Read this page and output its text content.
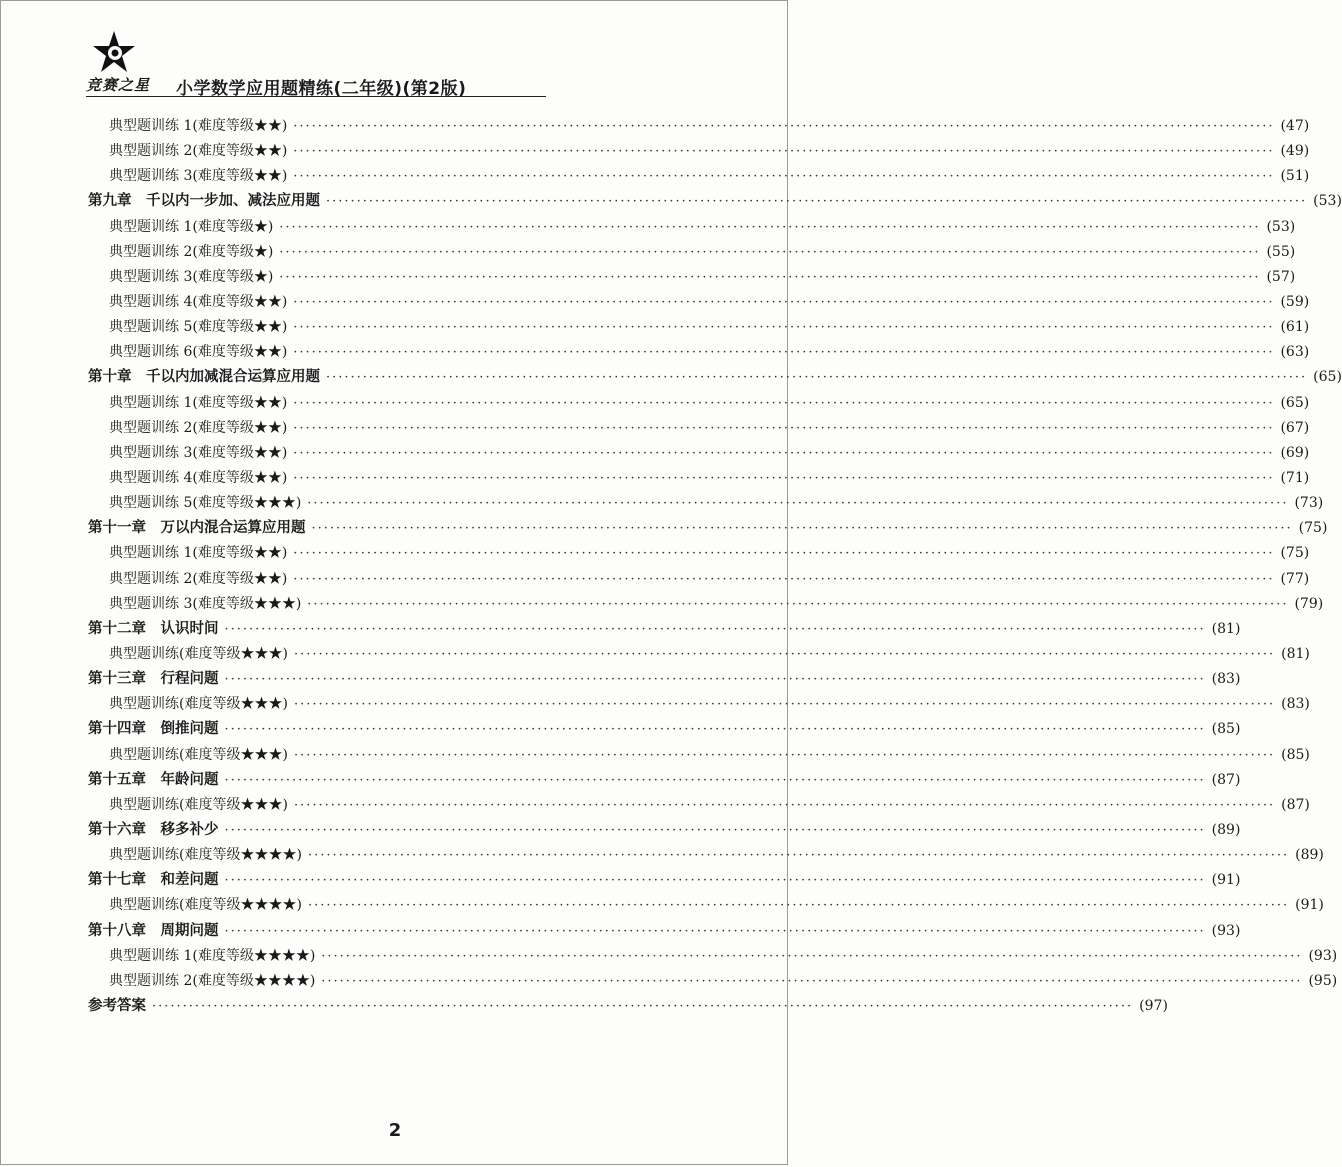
竞赛之星 小学数学应用题精练(二年级)(第2版)
典型题训练 1(难度等级★★) ································································································································································ (47)
典型题训练 2(难度等级★★) ································································································································································ (49)
典型题训练 3(难度等级★★) ································································································································································ (51)
第九章　千以内一步加、减法应用题 ································································································································································ (53)
典型题训练 1(难度等级★) ································································································································································ (53)
典型题训练 2(难度等级★) ································································································································································ (55)
典型题训练 3(难度等级★) ································································································································································ (57)
典型题训练 4(难度等级★★) ································································································································································ (59)
典型题训练 5(难度等级★★) ································································································································································ (61)
典型题训练 6(难度等级★★) ································································································································································ (63)
第十章　千以内加减混合运算应用题 ································································································································································ (65)
典型题训练 1(难度等级★★) ································································································································································ (65)
典型题训练 2(难度等级★★) ································································································································································ (67)
典型题训练 3(难度等级★★) ································································································································································ (69)
典型题训练 4(难度等级★★) ································································································································································ (71)
典型题训练 5(难度等级★★★) ································································································································································ (73)
第十一章　万以内混合运算应用题 ································································································································································ (75)
典型题训练 1(难度等级★★) ································································································································································ (75)
典型题训练 2(难度等级★★) ································································································································································ (77)
典型题训练 3(难度等级★★★) ································································································································································ (79)
第十二章　认识时间 ································································································································································ (81)
典型题训练(难度等级★★★) ································································································································································ (81)
第十三章　行程问题 ································································································································································ (83)
典型题训练(难度等级★★★) ································································································································································ (83)
第十四章　倒推问题 ································································································································································ (85)
典型题训练(难度等级★★★) ································································································································································ (85)
第十五章　年龄问题 ································································································································································ (87)
典型题训练(难度等级★★★) ································································································································································ (87)
第十六章　移多补少 ································································································································································ (89)
典型题训练(难度等级★★★★) ································································································································································ (89)
第十七章　和差问题 ································································································································································ (91)
典型题训练(难度等级★★★★) ································································································································································ (91)
第十八章　周期问题 ································································································································································ (93)
典型题训练 1(难度等级★★★★) ································································································································································ (93)
典型题训练 2(难度等级★★★★) ································································································································································ (95)
参考答案 ································································································································································ (97)
2
